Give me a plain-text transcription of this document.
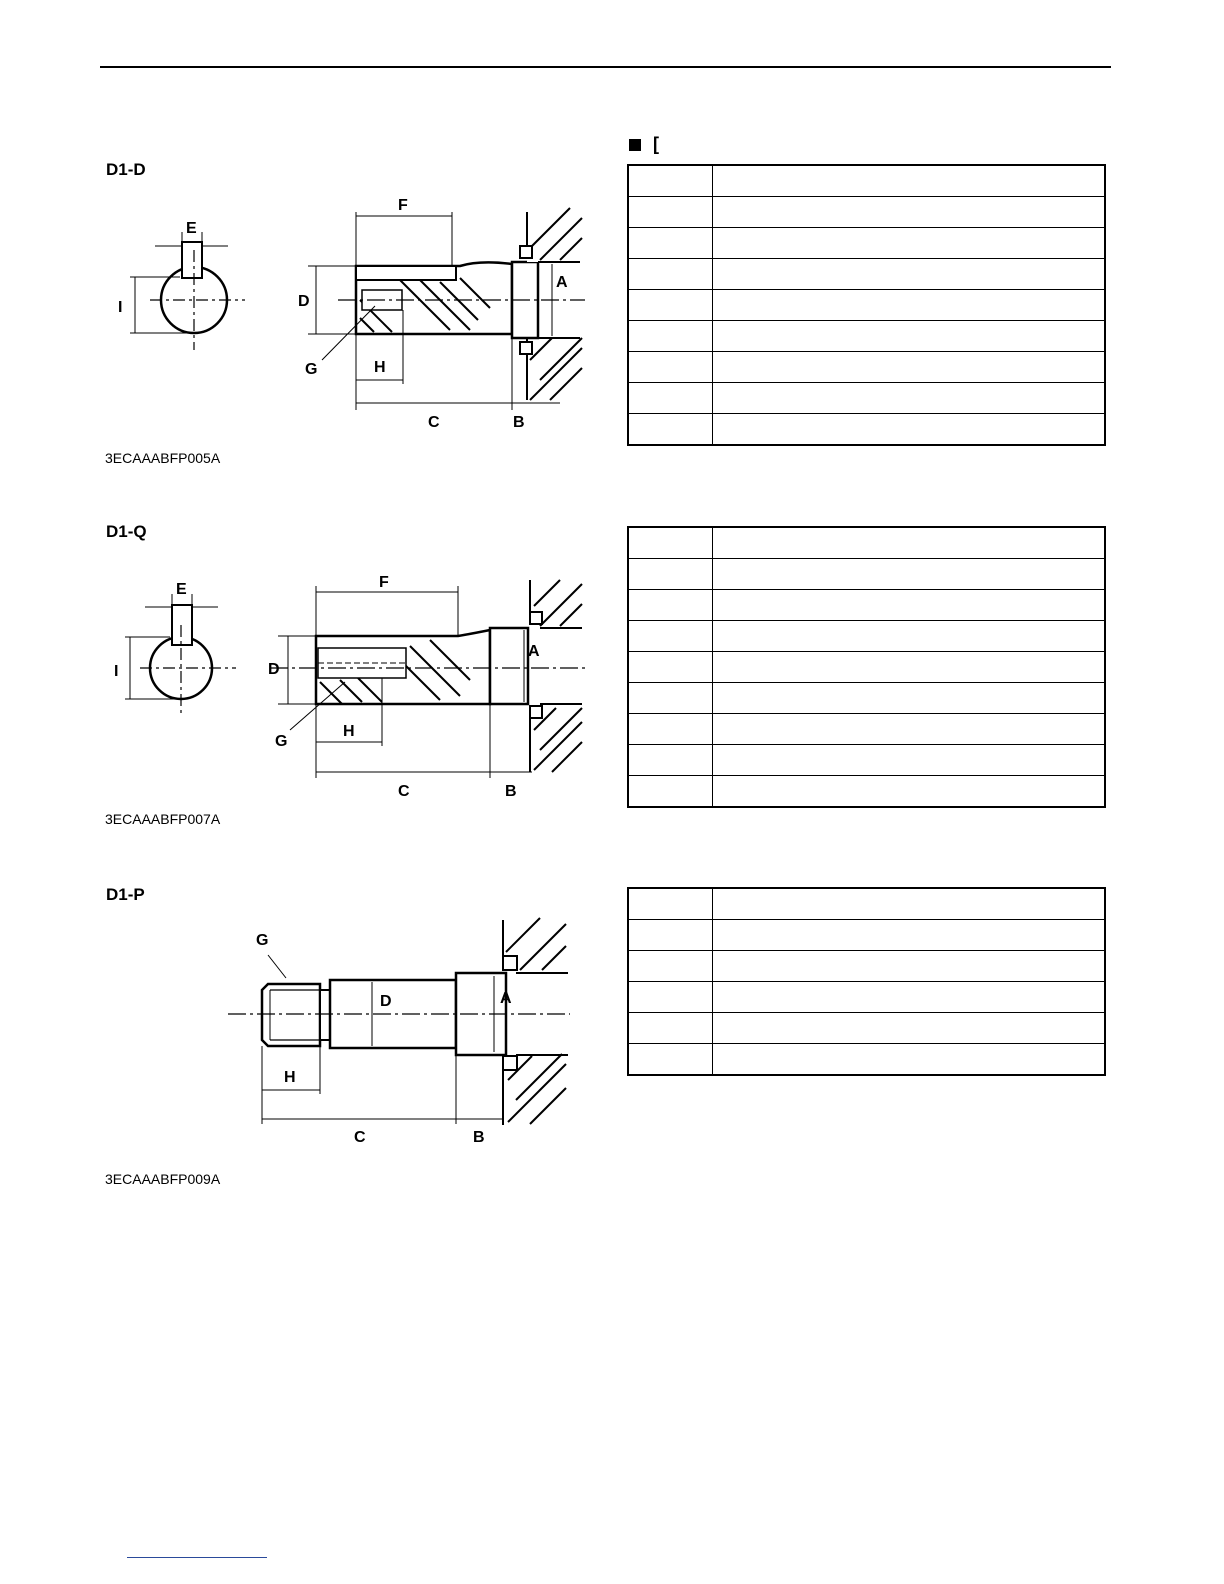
D1-D
E
I
F
D
A
H
G
C	B
3ECAAABFP005A
[

D1-Q
E
I
F
D
A
H
G
C	B
3ECAAABFP007A

D1-P
D	A
G
H
C	B
3ECAAABFP009A
